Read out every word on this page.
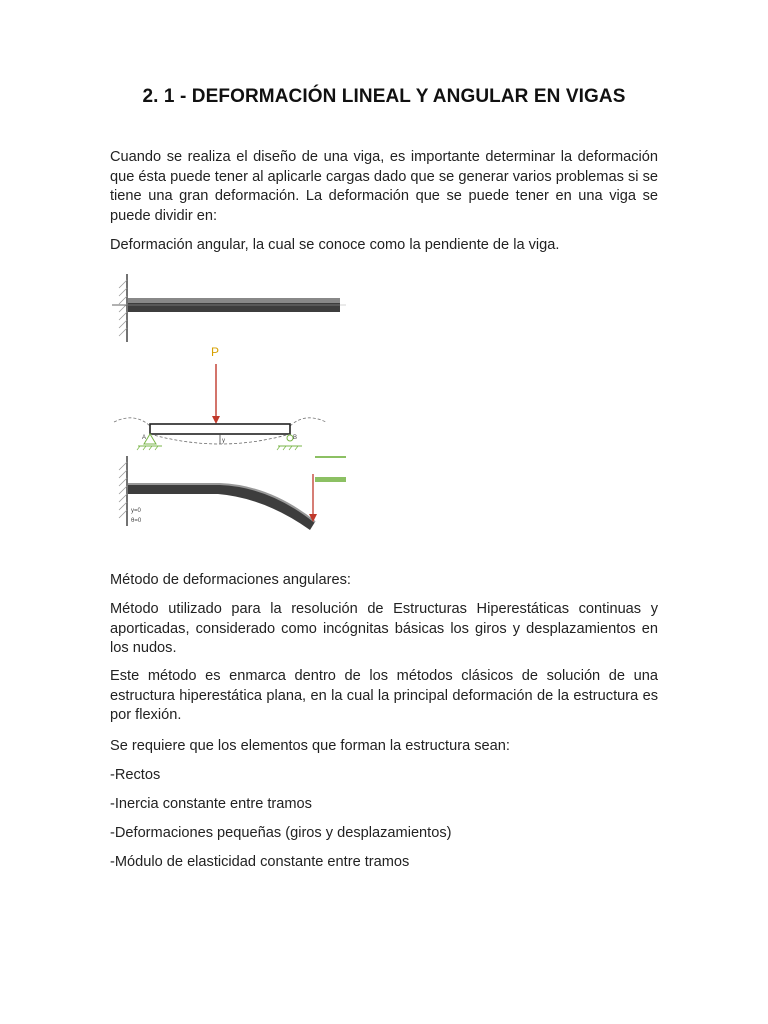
2. 1 - DEFORMACIÓN LINEAL Y ANGULAR EN VIGAS

Cuando se realiza el diseño de una viga, es importante determinar la deformación que ésta puede tener al aplicarle cargas dado que se generar varios problemas si se tiene una gran deformación. La deformación que se puede tener en una viga se puede dividir en:

Deformación angular, la cual se conoce como la pendiente de la viga.

P
y
A	B
y=0
θ=0

Método de deformaciones angulares:

Método utilizado para la resolución de Estructuras Hiperestáticas continuas y aporticadas, considerado como incógnitas básicas los giros y desplazamientos en los nudos.

Este método es enmarca dentro de los métodos clásicos de solución de una estructura hiperestática plana, en la cual la principal deformación de la estructura es por flexión.

Se requiere que los elementos que forman la estructura sean:

-Rectos

-Inercia constante entre tramos

-Deformaciones pequeñas (giros y desplazamientos)

-Módulo de elasticidad constante entre tramos
